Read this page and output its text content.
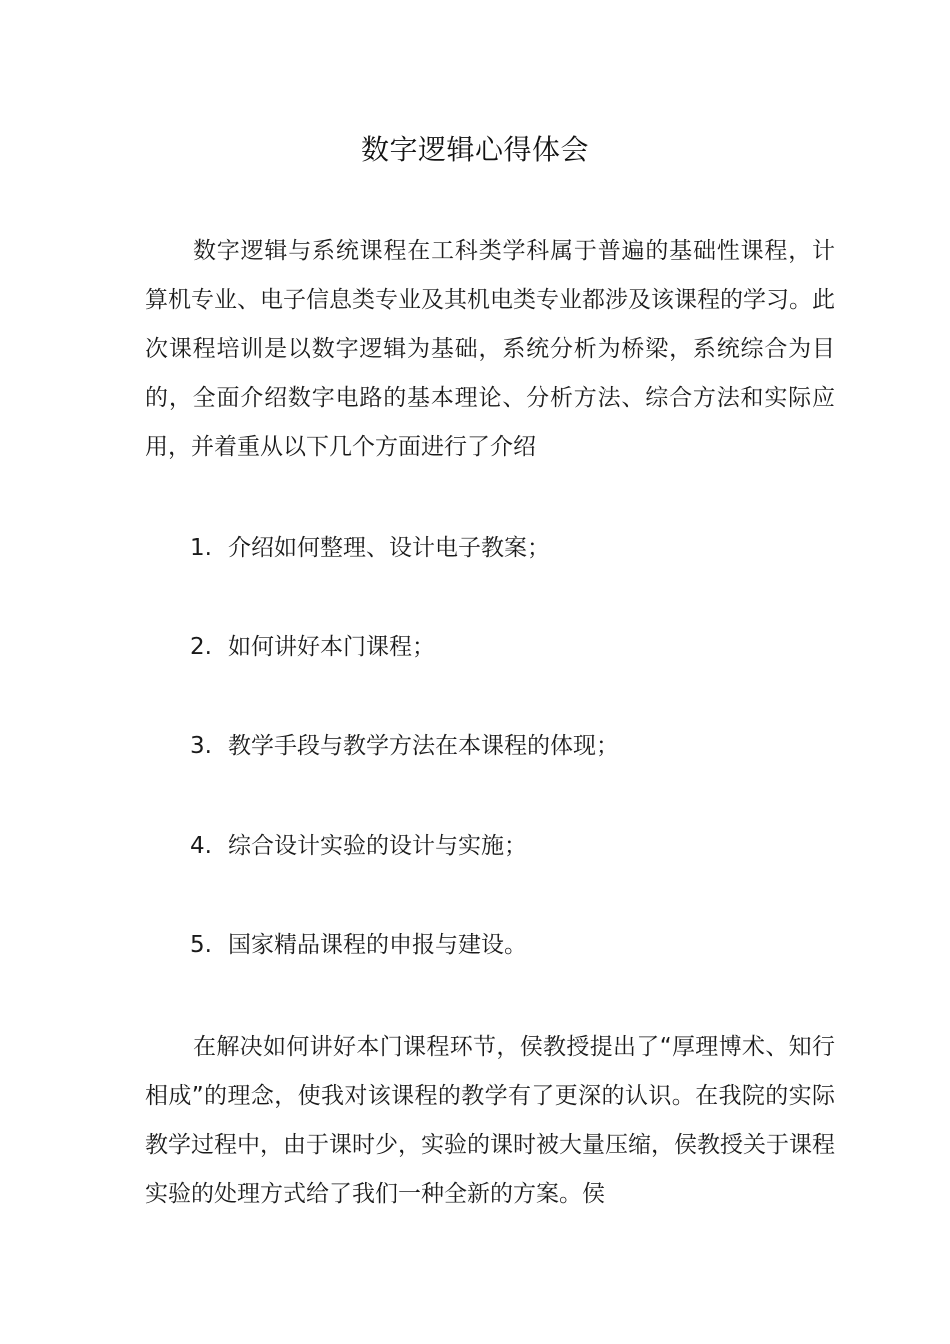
数字逻辑心得体会

数字逻辑与系统课程在工科类学科属于普遍的基础性课程，计算机专业、电子信息类专业及其机电类专业都涉及该课程的学习。此次课程培训是以数字逻辑为基础，系统分析为桥梁，系统综合为目的，全面介绍数字电路的基本理论、分析方法、综合方法和实际应用，并着重从以下几个方面进行了介绍

1. 介绍如何整理、设计电子教案；
2. 如何讲好本门课程；
3. 教学手段与教学方法在本课程的体现；
4. 综合设计实验的设计与实施；
5. 国家精品课程的申报与建设。

在解决如何讲好本门课程环节，侯教授提出了“厚理博术、知行相成”的理念，使我对该课程的教学有了更深的认识。在我院的实际教学过程中，由于课时少，实验的课时被大量压缩，侯教授关于课程实验的处理方式给了我们一种全新的方案。侯
